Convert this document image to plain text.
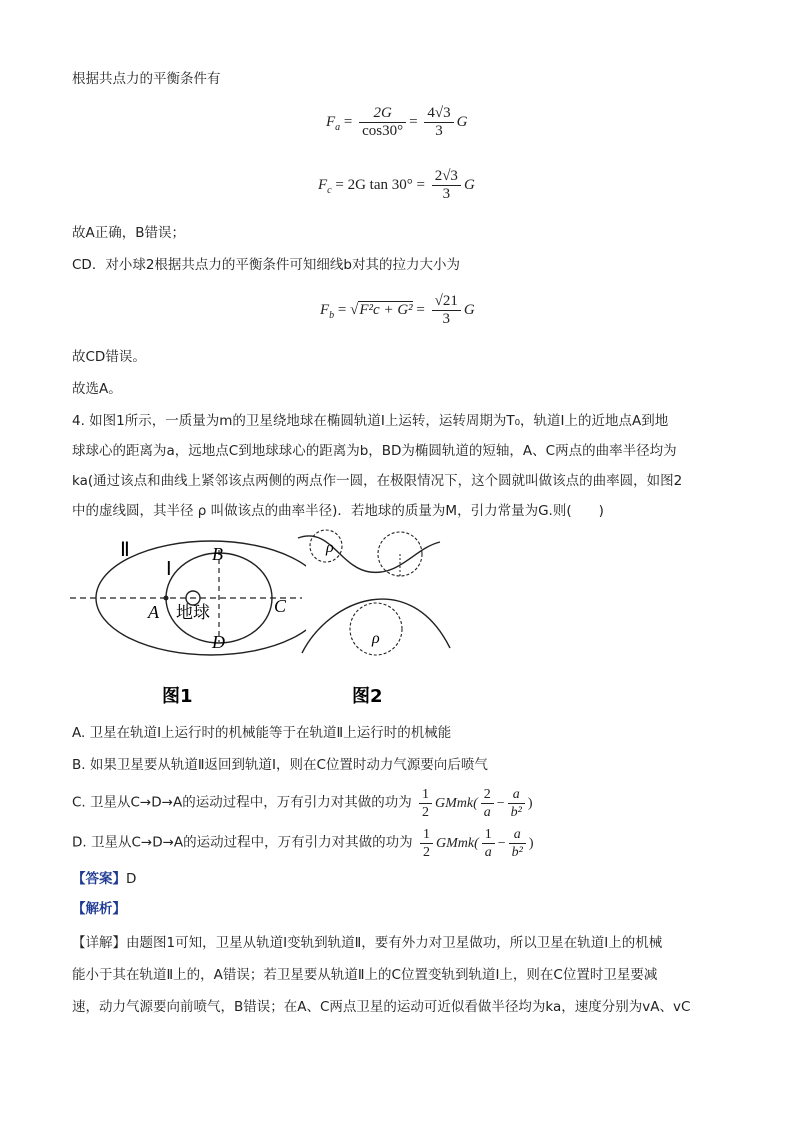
根据共点力的平衡条件有
$F_a = \frac{2G}{\cos 30^\circ} = \frac{4√3}{3}$ G
$F_c = 2G$ $\tan 30^\circ = \frac{2√3}{3}$ G
故A正确，B错误；
CD．对小球2根据共点力的平衡条件可知细线b对其的拉力大小为
$F_b = √F^2c + G^2 = \frac{√21}{3}$ G
故CD错误。
故选A。
4. 如图1所示，一质量为m的卫星绕地球在椭圆轨道Ⅰ上运转，运转周期为T₀，轨道Ⅰ上的近地点A到地
球球心的距离为a，远地点C到地球球心的距离为b，BD为椭圆轨道的短轴，A、C两点的曲率半径均为
ka(通过该点和曲线上紧邻该点两侧的两点作一圆，在极限情况下，这个圆就叫做该点的曲率圆，如图2
中的虚线圆，其半径 ρ 叫做该点的曲率半径)．若地球的质量为M，引力常量为G.则(　　)
Ⅱ
Ⅰ
A
B
C
D
地球
图1
ρ
ρ
图2
A. 卫星在轨道Ⅰ上运行时的机械能等于在轨道Ⅱ上运行时的机械能
B. 如果卫星要从轨道Ⅱ返回到轨道Ⅰ，则在C位置时动力气源要向后喷气
C. 卫星从C→D→A的运动过程中，万有引力对其做的功为 $\frac{1}{2}$ GMmk( $\frac{2}{a} - \frac{a}{\text{b²}}$ )
D. 卫星从C→D→A的运动过程中，万有引力对其做的功为 $\frac{1}{2}$ GMmk( $\frac{1}{a} - \frac{a}{\text{b²}}$ )
【答案】D
【解析】
【详解】由题图1可知，卫星从轨道Ⅰ变轨到轨道Ⅱ，要有外力对卫星做功，所以卫星在轨道Ⅰ上的机械
能小于其在轨道Ⅱ上的，A错误；若卫星要从轨道Ⅱ上的C位置变轨到轨道Ⅰ上，则在C位置时卫星要减
速，动力气源要向前喷气，B错误；在A、C两点卫星的运动可近似看做半径均为ka，速度分别为vA、vC
